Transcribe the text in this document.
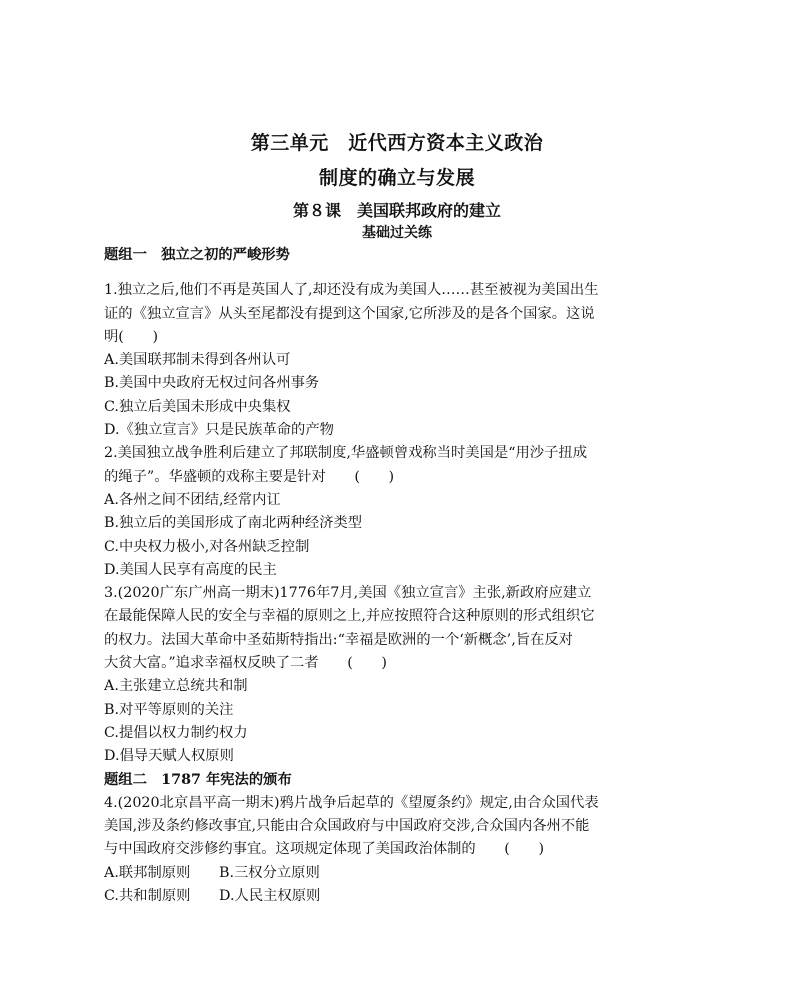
第三单元　近代西方资本主义政治
制度的确立与发展
第８课　美国联邦政府的建立
基础过关练
题组一　独立之初的严峻形势
1.独立之后,他们不再是英国人了,却还没有成为美国人……甚至被视为美国出生
证的《独立宣言》从头至尾都没有提到这个国家,它所涉及的是各个国家。这说
明(　　)
A.美国联邦制未得到各州认可
B.美国中央政府无权过问各州事务
C.独立后美国未形成中央集权
D.《独立宣言》只是民族革命的产物
2.美国独立战争胜利后建立了邦联制度,华盛顿曾戏称当时美国是“用沙子扭成
的绳子”。华盛顿的戏称主要是针对　　(　　)
A.各州之间不团结,经常内讧
B.独立后的美国形成了南北两种经济类型
C.中央权力极小,对各州缺乏控制
D.美国人民享有高度的民主
3.(2020广东广州高一期末)1776年7月,美国《独立宣言》主张,新政府应建立
在最能保障人民的安全与幸福的原则之上,并应按照符合这种原则的形式组织它
的权力。法国大革命中圣茹斯特指出:“幸福是欧洲的一个‘新概念’,旨在反对
大贫大富。”追求幸福权反映了二者　　(　　)
A.主张建立总统共和制
B.对平等原则的关注
C.提倡以权力制约权力
D.倡导天赋人权原则
题组二　1787 年宪法的颁布
4.(2020北京昌平高一期末)鸦片战争后起草的《望厦条约》规定,由合众国代表
美国,涉及条约修改事宜,只能由合众国政府与中国政府交涉,合众国内各州不能
与中国政府交涉修约事宜。这项规定体现了美国政治体制的　　(　　)
A.联邦制原则　　B.三权分立原则
C.共和制原则　　D.人民主权原则
